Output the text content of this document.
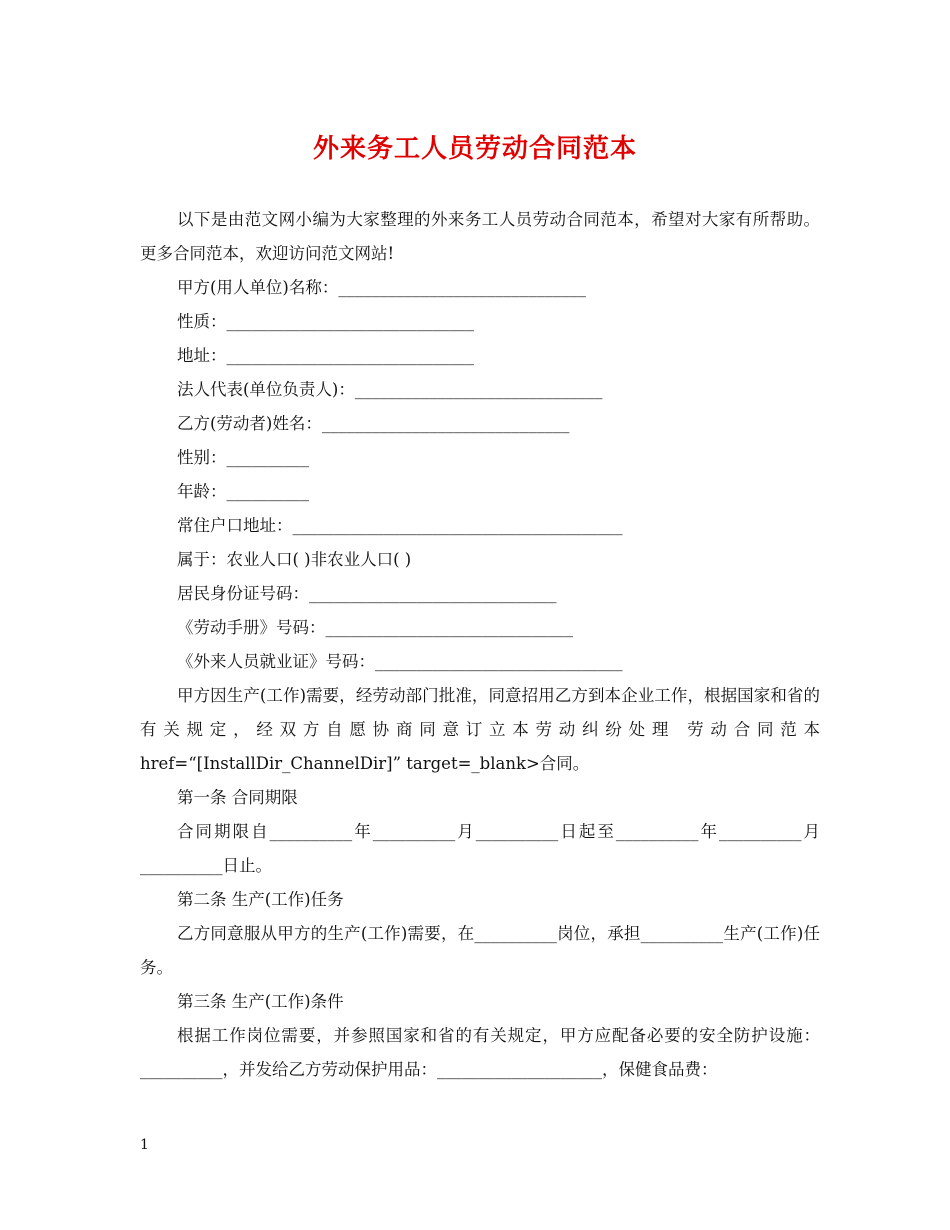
外来务工人员劳动合同范本

以下是由范文网小编为大家整理的外来务工人员劳动合同范本，希望对大家有所帮助。更多合同范本，欢迎访问范文网站!

甲方(用人单位)名称：______________________________

性质：______________________________

地址：______________________________

法人代表(单位负责人)：______________________________

乙方(劳动者)姓名：______________________________

性别：__________

年龄：__________

常住户口地址：________________________________________

属于：农业人口( )非农业人口( )

居民身份证号码：______________________________

《劳动手册》号码：______________________________

《外来人员就业证》号码：______________________________

甲方因生产(工作)需要，经劳动部门批准，同意招用乙方到本企业工作，根据国家和省的有关规定，经双方自愿协商同意订立本劳动纠纷处理 劳动合同范本 href=“[InstallDir_ChannelDir]” target=_blank>合同。

第一条 合同期限

合同期限自__________年__________月__________日起至__________年__________月__________日止。

第二条 生产(工作)任务

乙方同意服从甲方的生产(工作)需要，在__________岗位，承担__________生产(工作)任务。

第三条 生产(工作)条件

根据工作岗位需要，并参照国家和省的有关规定，甲方应配备必要的安全防护设施：__________，并发给乙方劳动保护用品：____________________，保健食品费：

1
